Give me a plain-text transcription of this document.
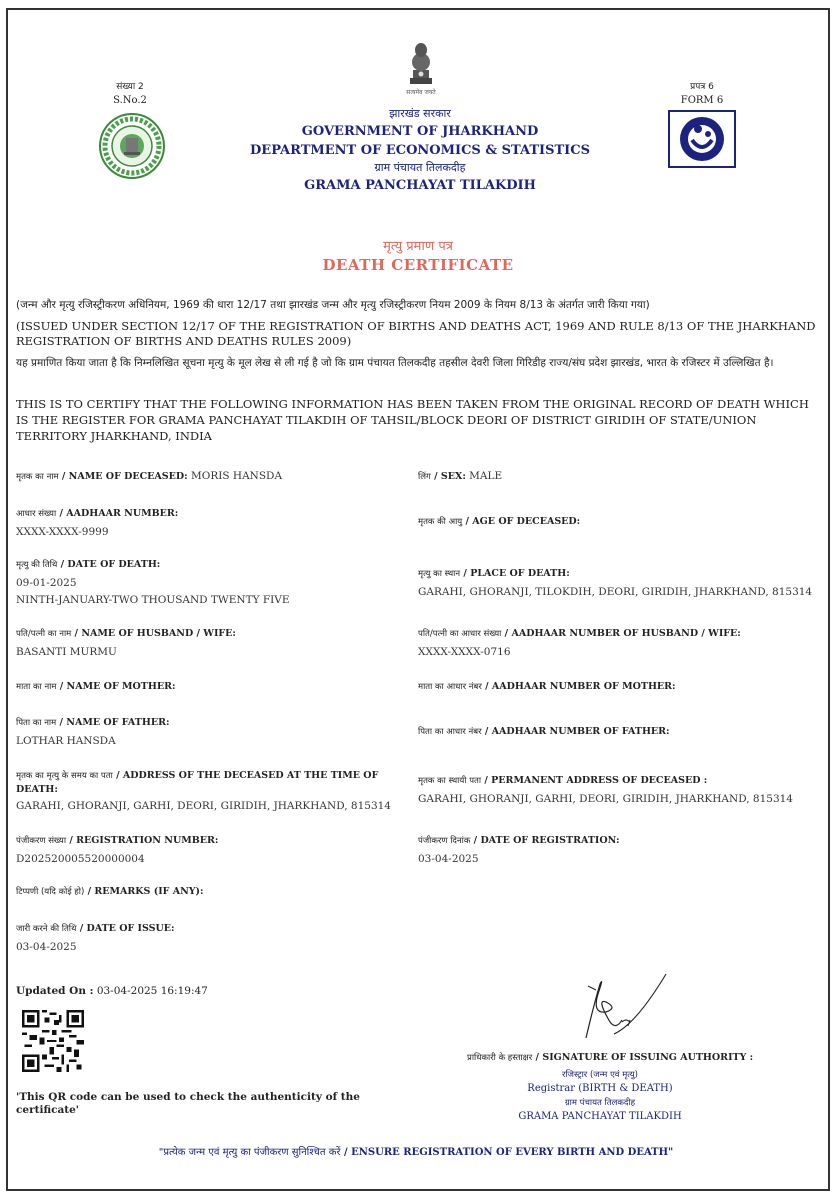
सत्यमेव जयते
संख्या 2
S.No.2
प्रपत्र 6
FORM 6
झारखंड सरकार
GOVERNMENT OF JHARKHAND
DEPARTMENT OF ECONOMICS & STATISTICS
ग्राम पंचायत तिलकदीह
GRAMA PANCHAYAT TILAKDIH
मृत्यु प्रमाण पत्र
DEATH CERTIFICATE
(जन्म और मृत्यु रजिस्ट्रीकरण अधिनियम, 1969 की धारा 12/17 तथा झारखंड जन्म और मृत्यु रजिस्ट्रीकरण नियम 2009 के नियम 8/13 के अंतर्गत जारी किया गया)
(ISSUED UNDER SECTION 12/17 OF THE REGISTRATION OF BIRTHS AND DEATHS ACT, 1969 AND RULE 8/13 OF THE JHARKHAND REGISTRATION OF BIRTHS AND DEATHS RULES 2009)
यह प्रमाणित किया जाता है कि निम्नलिखित सूचना मृत्यु के मूल लेख से ली गई है जो कि ग्राम पंचायत तिलकदीह तहसील देवरी जिला गिरिडीह राज्य/संघ प्रदेश झारखंड, भारत के रजिस्टर में उल्लिखित है।
THIS IS TO CERTIFY THAT THE FOLLOWING INFORMATION HAS BEEN TAKEN FROM THE ORIGINAL RECORD OF DEATH WHICH IS THE REGISTER FOR GRAMA PANCHAYAT TILAKDIH OF TAHSIL/BLOCK DEORI OF DISTRICT GIRIDIH OF STATE/UNION TERRITORY JHARKHAND, INDIA
मृतक का नाम / NAME OF DECEASED: MORIS HANSDA	लिंग / SEX: MALE
आधार संख्या / AADHAAR NUMBER:
XXXX-XXXX-9999
मृतक की आयु / AGE OF DECEASED:
मृत्यु की तिथि / DATE OF DEATH:
09-01-2025
NINTH-JANUARY-TWO THOUSAND TWENTY FIVE
मृत्यु का स्थान / PLACE OF DEATH:
GARAHI, GHORANJI, TILOKDIH, DEORI, GIRIDIH, JHARKHAND, 815314
पति/पत्नी का नाम / NAME OF HUSBAND / WIFE:
BASANTI MURMU
पति/पत्नी का आधार संख्या / AADHAAR NUMBER OF HUSBAND / WIFE:
XXXX-XXXX-0716
माता का नाम / NAME OF MOTHER:	माता का आधार नंबर / AADHAAR NUMBER OF MOTHER:
पिता का नाम / NAME OF FATHER:
LOTHAR HANSDA
पिता का आधार नंबर / AADHAAR NUMBER OF FATHER:
मृतक का मृत्यु के समय का पता / ADDRESS OF THE DECEASED AT THE TIME OF DEATH:
GARAHI, GHORANJI, GARHI, DEORI, GIRIDIH, JHARKHAND, 815314
मृतक का स्थायी पता / PERMANENT ADDRESS OF DECEASED :
GARAHI, GHORANJI, GARHI, DEORI, GIRIDIH, JHARKHAND, 815314
पंजीकरण संख्या / REGISTRATION NUMBER:
D202520005520000004
पंजीकरण दिनांक / DATE OF REGISTRATION:
03-04-2025
टिप्पणी (यदि कोई हो) / REMARKS (IF ANY):
जारी करने की तिथि / DATE OF ISSUE:
03-04-2025
Updated On : 03-04-2025 16:19:47
'This QR code can be used to check the authenticity of the certificate'
प्राधिकारी के हस्ताक्षर / SIGNATURE OF ISSUING AUTHORITY :
रजिस्ट्रार (जन्म एवं मृत्यु)
Registrar (BIRTH & DEATH)
ग्राम पंचायत तिलकदीह
GRAMA PANCHAYAT TILAKDIH
"प्रत्येक जन्म एवं मृत्यु का पंजीकरण सुनिश्चित करें / ENSURE REGISTRATION OF EVERY BIRTH AND DEATH"
